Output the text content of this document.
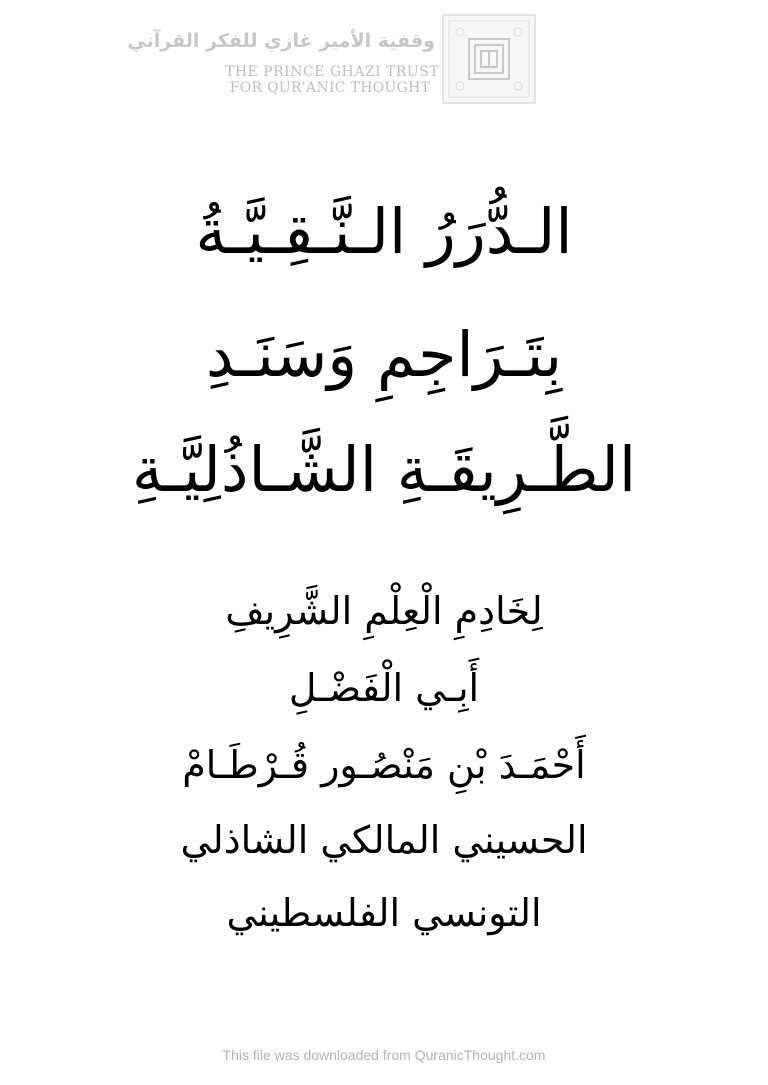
وقفية الأمير غازي للفكر القرآني
THE PRINCE GHAZI TRUST
FOR QUR'ANIC THOUGHT
الـدُّرَرُ الـنَّـقِـيَّـةُ
بِتَـرَاجِمِ وَسَنَـدِ
الطَّـرِيقَـةِ الشَّـاذُلِيَّـةِ
لِخَادِمِ الْعِلْمِ الشَّرِيفِ
أَبِـي الْفَضْـلِ
أَحْمَـدَ بْنِ مَنْصُـور قُـرْطَـامْ
الحسيني المالكي الشاذلي
التونسي الفلسطيني
This file was downloaded from QuranicThought.com
